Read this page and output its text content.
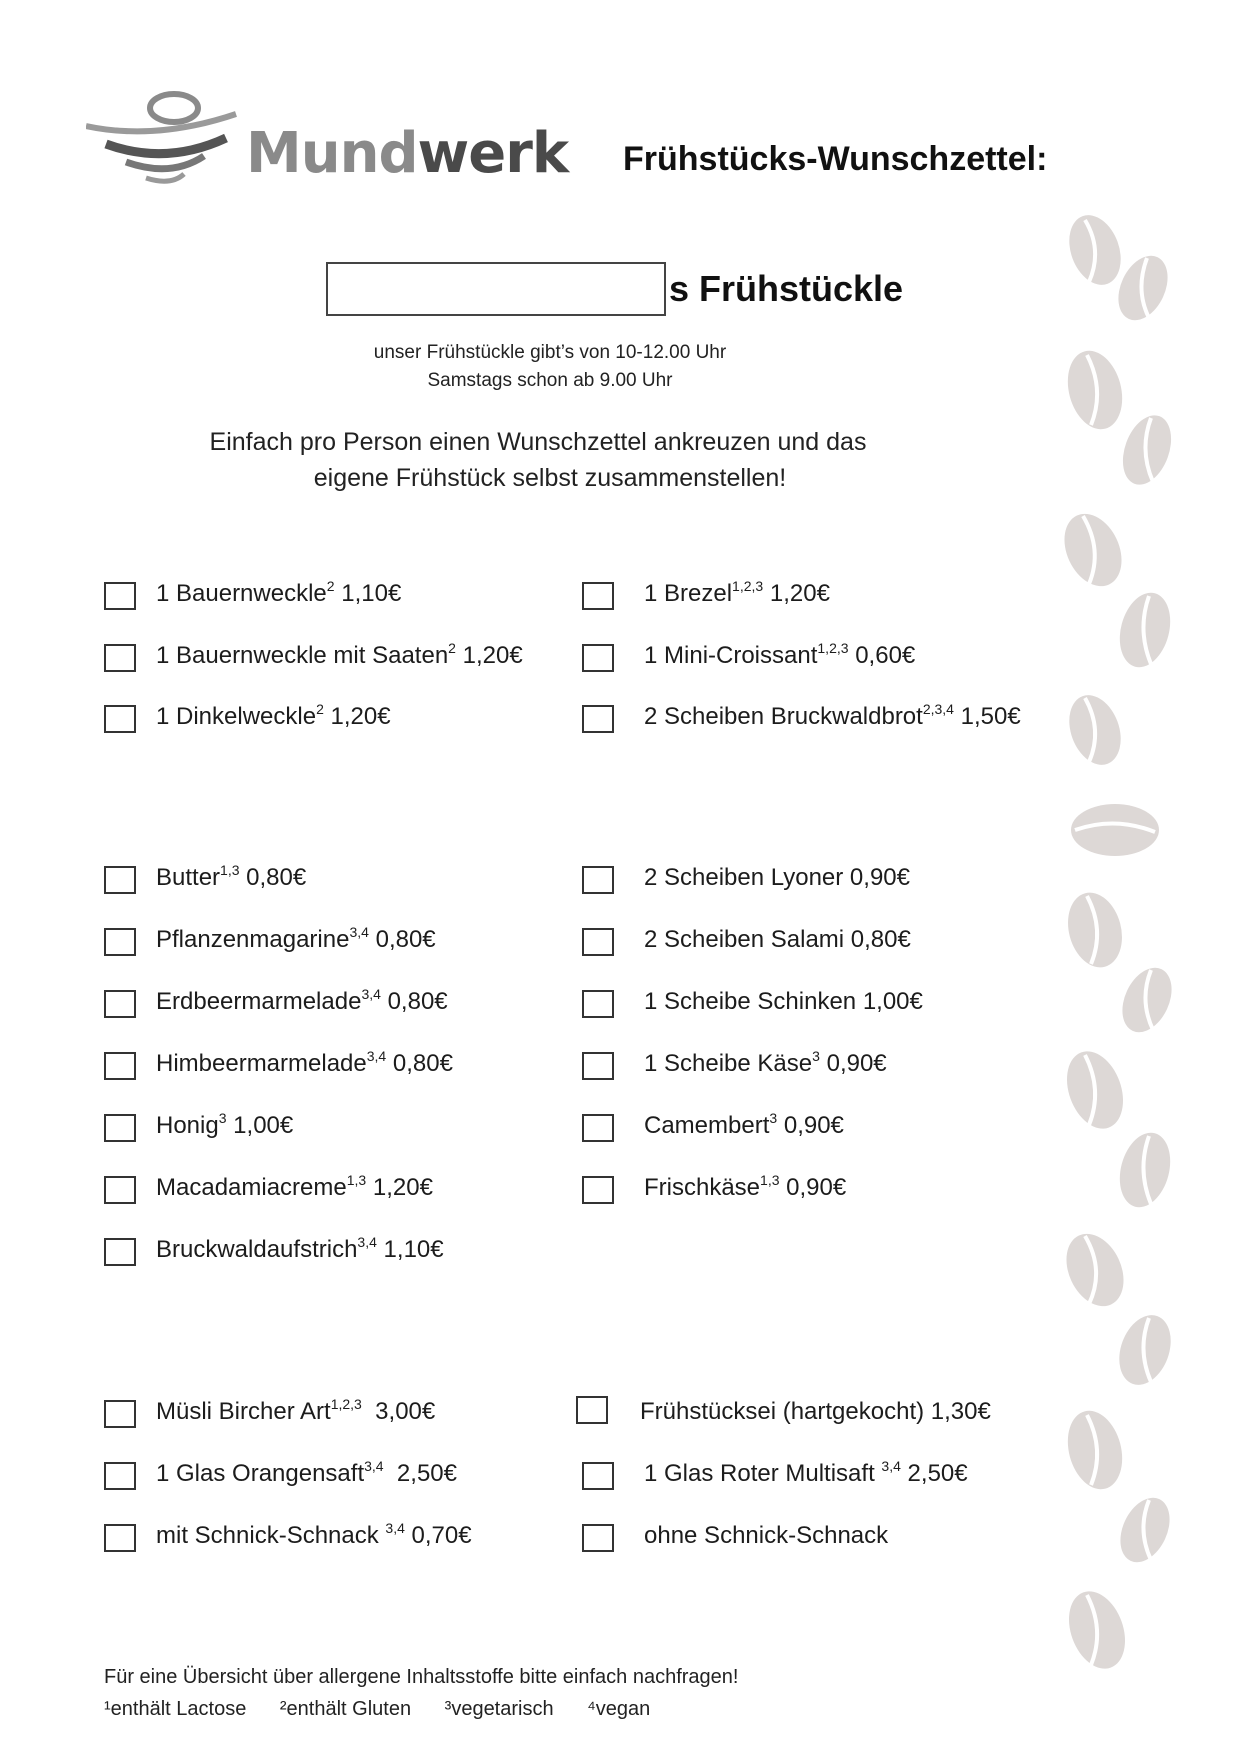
Mundwerk Frühstücks-Wunschzettel:
s Frühstückle
unser Frühstückle gibt’s von 10-12.00 Uhr
Samstags schon ab 9.00 Uhr
Einfach pro Person einen Wunschzettel ankreuzen und das
eigene Frühstück selbst zusammenstellen!
1 Bauernweckle$^2$ 1,10€	1 Brezel$^{1,2,3}$ 1,20€
1 Bauernweckle mit Saaten$^2$ 1,20€	1 Mini-Croissant$^{1,2,3}$ 0,60€
1 Dinkelweckle$^2$ 1,20€	2 Scheiben Bruckwaldbrot$^{2,3,4}$ 1,50€
Butter$^{1,3}$ 0,80€	2 Scheiben Lyoner 0,90€
Pflanzenmagarine$^{3,4}$ 0,80€	2 Scheiben Salami 0,80€
Erdbeermarmelade$^{3,4}$ 0,80€	1 Scheibe Schinken 1,00€
Himbeermarmelade$^{3,4}$ 0,80€	1 Scheibe Käse$^3$ 0,90€
Honig$^3$ 1,00€	Camembert$^3$ 0,90€
Macadamiacreme$^{1,3}$ 1,20€	Frischkäse$^{1,3}$ 0,90€
Bruckwaldaufstrich$^{3,4}$ 1,10€
Müsli Bircher Art$^{1,2,3}$  3,00€	Frühstücksei (hartgekocht) 1,30€
1 Glas Orangensaft$^{3,4}$  2,50€	1 Glas Roter Multisaft $^{3,4}$ 2,50€
mit Schnick-Schnack $^{3,4}$ 0,70€	ohne Schnick-Schnack
Für eine Übersicht über allergene Inhaltsstoffe bitte einfach nachfragen!
¹enthält Lactose ²enthält Gluten ³vegetarisch ⁴vegan
